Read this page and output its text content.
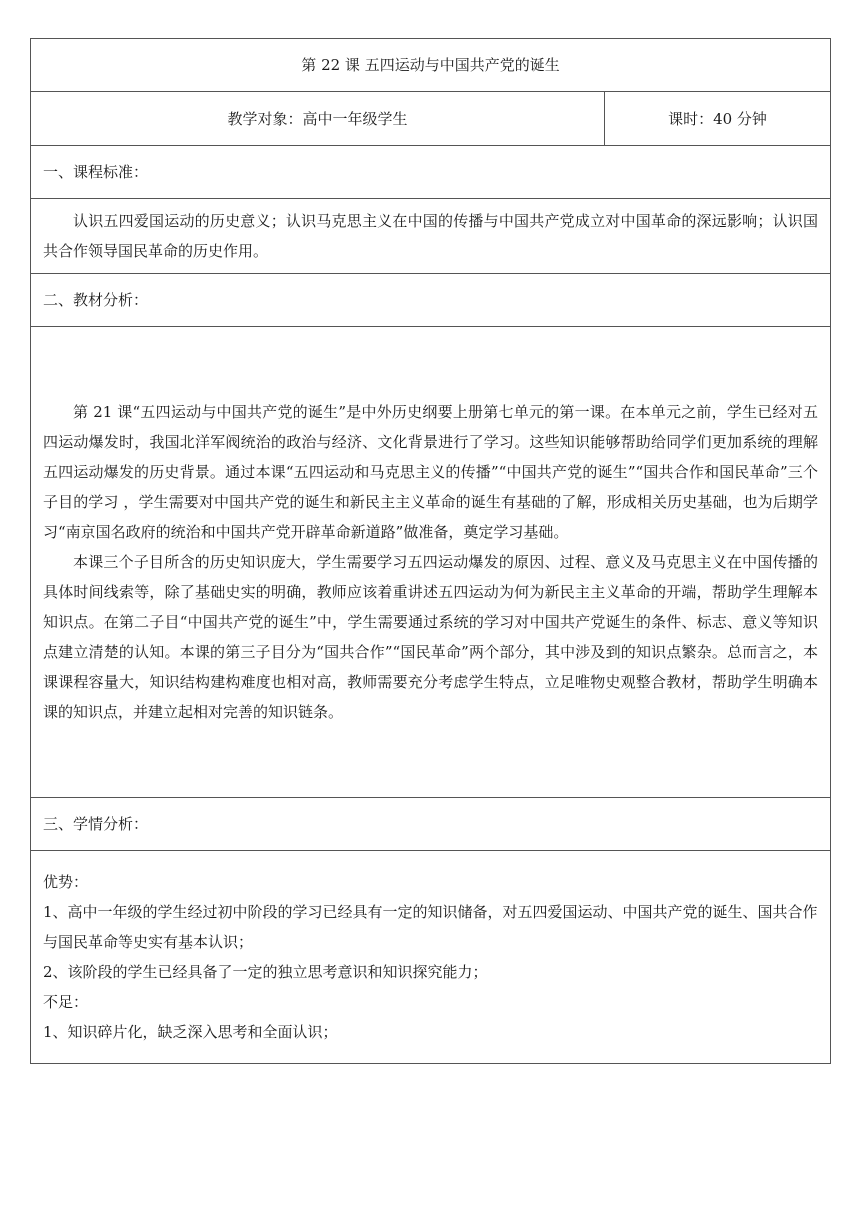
第 22 课 五四运动与中国共产党的诞生
教学对象：高中一年级学生	课时：40 分钟
一、课程标准：

认识五四爱国运动的历史意义；认识马克思主义在中国的传播与中国共产党成立对中国革命的深远影响；认识国共合作领导国民革命的历史作用。

二、教材分析：

第 21 课“五四运动与中国共产党的诞生”是中外历史纲要上册第七单元的第一课。在本单元之前，学生已经对五四运动爆发时，我国北洋军阀统治的政治与经济、文化背景进行了学习。这些知识能够帮助给同学们更加系统的理解五四运动爆发的历史背景。通过本课“五四运动和马克思主义的传播”“中国共产党的诞生”“国共合作和国民革命”三个子目的学习 ，学生需要对中国共产党的诞生和新民主主义革命的诞生有基础的了解，形成相关历史基础，也为后期学习“南京国名政府的统治和中国共产党开辟革命新道路”做准备，奠定学习基础。

本课三个子目所含的历史知识庞大，学生需要学习五四运动爆发的原因、过程、意义及马克思主义在中国传播的具体时间线索等，除了基础史实的明确，教师应该着重讲述五四运动为何为新民主主义革命的开端，帮助学生理解本知识点。在第二子目“中国共产党的诞生”中，学生需要通过系统的学习对中国共产党诞生的条件、标志、意义等知识点建立清楚的认知。本课的第三子目分为“国共合作”“国民革命”两个部分，其中涉及到的知识点繁杂。总而言之，本课课程容量大，知识结构建构难度也相对高，教师需要充分考虑学生特点，立足唯物史观整合教材，帮助学生明确本课的知识点，并建立起相对完善的知识链条。

三、学情分析：

优势：

1、高中一年级的学生经过初中阶段的学习已经具有一定的知识储备，对五四爱国运动、中国共产党的诞生、国共合作与国民革命等史实有基本认识；

2、该阶段的学生已经具备了一定的独立思考意识和知识探究能力；

不足：

1、知识碎片化，缺乏深入思考和全面认识；
